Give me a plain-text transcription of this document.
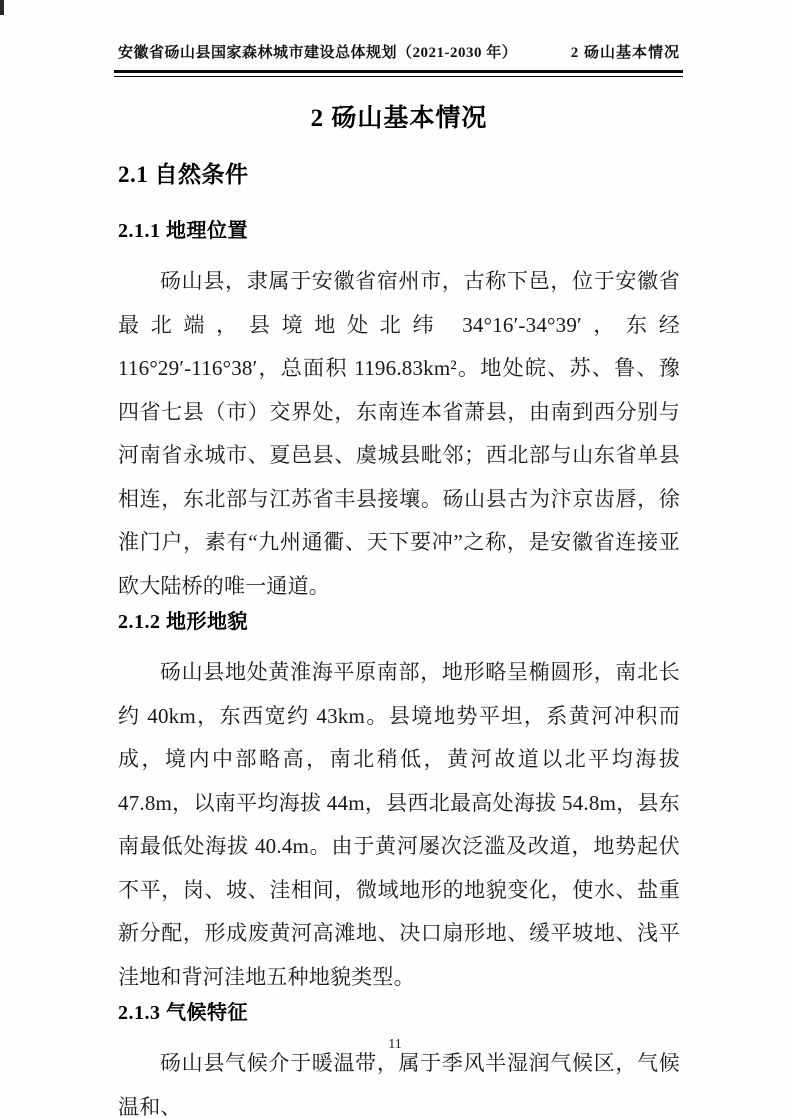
安徽省砀山县国家森林城市建设总体规划（2021-2030 年）	2 砀山基本情况
2 砀山基本情况
2.1 自然条件
2.1.1 地理位置

砀山县，隶属于安徽省宿州市，古称下邑，位于安徽省最北端，县境地处北纬 34°16′-34°39′，东经 116°29′-116°38′，总面积 1196.83km²。地处皖、苏、鲁、豫四省七县（市）交界处，东南连本省萧县，由南到西分别与河南省永城市、夏邑县、虞城县毗邻；西北部与山东省单县相连，东北部与江苏省丰县接壤。砀山县古为汴京齿唇，徐淮门户，素有“九州通衢、天下要冲”之称，是安徽省连接亚欧大陆桥的唯一通道。

2.1.2 地形地貌

砀山县地处黄淮海平原南部，地形略呈椭圆形，南北长约 40km，东西宽约 43km。县境地势平坦，系黄河冲积而成，境内中部略高，南北稍低，黄河故道以北平均海拔 47.8m，以南平均海拔 44m，县西北最高处海拔 54.8m，县东南最低处海拔 40.4m。由于黄河屡次泛滥及改道，地势起伏不平，岗、坡、洼相间，微域地形的地貌变化，使水、盐重新分配，形成废黄河高滩地、决口扇形地、缓平坡地、浅平洼地和背河洼地五种地貌类型。

2.1.3 气候特征

砀山县气候介于暖温带，属于季风半湿润气候区，气候温和、

11
